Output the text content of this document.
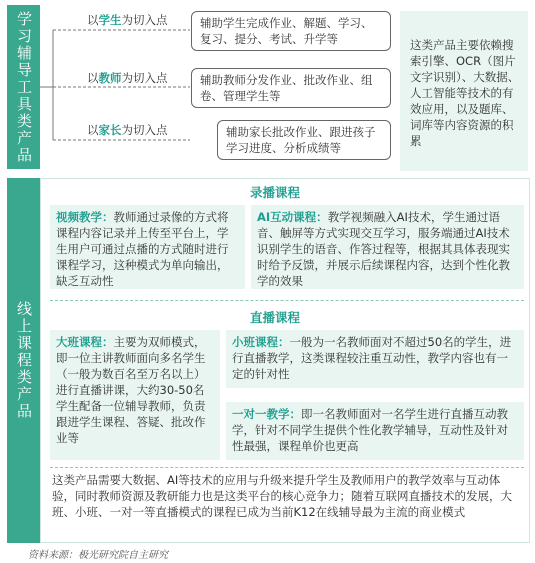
学习辅导工具类产品	以学生为切入点	辅助学生完成作业、解题、学习、复习、提分、考试、升学等
以教师为切入点	辅助教师分发作业、批改作业、组卷、管理学生等
以家长为切入点	辅助家长批改作业、跟进孩子学习进度、分析成绩等
这类产品主要依赖搜索引擎、OCR（图片文字识别）、大数据、人工智能等技术的有效应用，以及题库、词库等内容资源的积累
线上课程类产品
录播课程
视频教学：教师通过录像的方式将课程内容记录并上传至平台上，学生用户可通过点播的方式随时进行课程学习，这种模式为单向输出，缺乏互动性
AI互动课程：教学视频融入AI技术，学生通过语音、触屏等方式实现交互学习，服务端通过AI技术识别学生的语音、作答过程等，根据其具体表现实时给予反馈，并展示后续课程内容，达到个性化教学的效果
直播课程
大班课程：主要为双师模式，即一位主讲教师面向多名学生（一般为数百名至万名以上）进行直播讲课，大约30-50名学生配备一位辅导教师，负责跟进学生课程、答疑、批改作业等
小班课程：一般为一名教师面对不超过50名的学生，进行直播教学，这类课程较注重互动性，教学内容也有一定的针对性
一对一教学：即一名教师面对一名学生进行直播互动教学，针对不同学生提供个性化教学辅导，互动性及针对性最强，课程单价也更高
这类产品需要大数据、AI等技术的应用与升级来提升学生及教师用户的教学效率与互动体验，同时教师资源及教研能力也是这类平台的核心竞争力；随着互联网直播技术的发展，大班、小班、一对一等直播模式的课程已成为当前K12在线辅导最为主流的商业模式
资料来源：极光研究院自主研究
